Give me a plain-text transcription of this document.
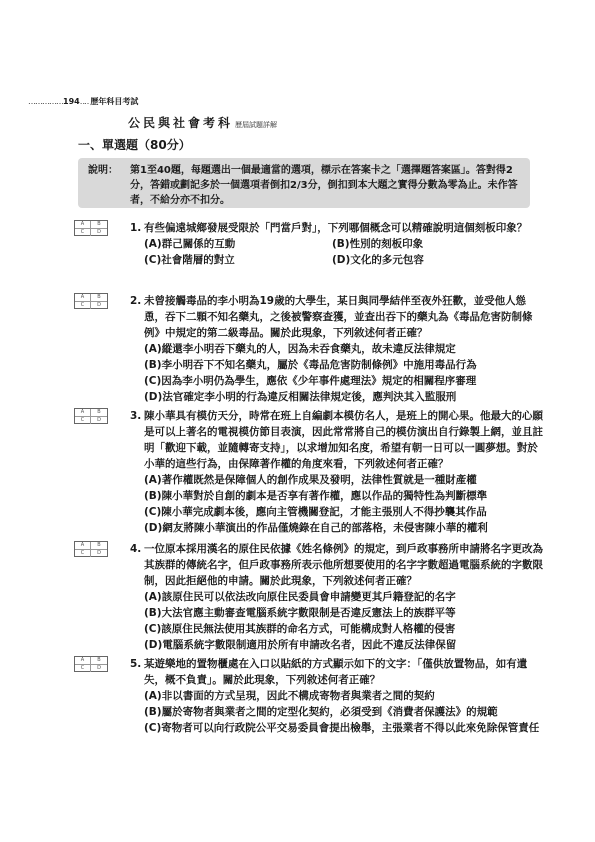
……………194‥‥ 歷年科目考試
公民與社會考科 歷屆試題詳解
一、單選題（80分）
說明： 第1至40題，每題選出一個最適當的選項，標示在答案卡之「選擇題答案區」。答對得2分，答錯或劃記多於一個選項者倒扣2/3分，倒扣到本大題之實得分數為零為止。未作答者，不給分亦不扣分。
A	B
C	D	1. 有些偏遠城鄉發展受限於「門當戶對」，下列哪個概念可以精確說明這個刻板印象？

(A)群己關係的互動	(B)性別的刻板印象
(C)社會階層的對立	(D)文化的多元包容
A	B
C	D	2. 未曾接觸毒品的李小明為19歲的大學生，某日與同學結伴至夜外狂歡，並受他人慫恿，吞下二顆不知名藥丸，之後被警察查獲，並查出吞下的藥丸為《毒品危害防制條例》中規定的第二級毒品。關於此現象，下列敘述何者正確？

(A)縱還李小明吞下藥丸的人，因為未吞食藥丸，故未違反法律規定
(B)李小明吞下不知名藥丸，屬於《毒品危害防制條例》中施用毒品行為
(C)因為李小明仍為學生，應依《少年事件處理法》規定的相關程序審理
(D)法官確定李小明的行為違反相關法律規定後，應判決其入監服刑
A	B
C	D	3. 陳小華具有模仿天分，時常在班上自編劇本模仿名人，是班上的開心果。他最大的心願是可以上著名的電視模仿節目表演，因此常常將自己的模仿演出自行錄製上網，並且註明「歡迎下載，並隨轉寄支持」，以求增加知名度，希望有朝一日可以一圓夢想。對於小華的這些行為，由保障著作權的角度來看，下列敘述何者正確？

(A)著作權既然是保障個人的創作成果及發明，法律性質就是一種財產權
(B)陳小華對於自創的劇本是否享有著作權，應以作品的獨特性為判斷標準
(C)陳小華完成劇本後，應向主管機關登記，才能主張別人不得抄襲其作品
(D)網友將陳小華演出的作品僅燒錄在自己的部落格，未侵害陳小華的權利
A	B
C	D	4. 一位原本採用漢名的原住民依據《姓名條例》的規定，到戶政事務所申請將名字更改為其族群的傳統名字，但戶政事務所表示他所想要使用的名字字數超過電腦系統的字數限制，因此拒絕他的申請。關於此現象，下列敘述何者正確？

(A)該原住民可以依法改向原住民委員會申請變更其戶籍登記的名字
(B)大法官應主動審查電腦系統字數限制是否違反憲法上的族群平等
(C)該原住民無法使用其族群的命名方式，可能構成對人格權的侵害
(D)電腦系統字數限制適用於所有申請改名者，因此不違反法律保留
A	B
C	D	5. 某遊樂地的置物櫃處在入口以貼紙的方式顯示如下的文字：「僅供放置物品，如有遺失，概不負責」。關於此現象，下列敘述何者正確？

(A)非以書面的方式呈現，因此不構成寄物者與業者之間的契約
(B)屬於寄物者與業者之間的定型化契約，必須受到《消費者保護法》的規範
(C)寄物者可以向行政院公平交易委員會提出檢舉，主張業者不得以此來免除保管責任
